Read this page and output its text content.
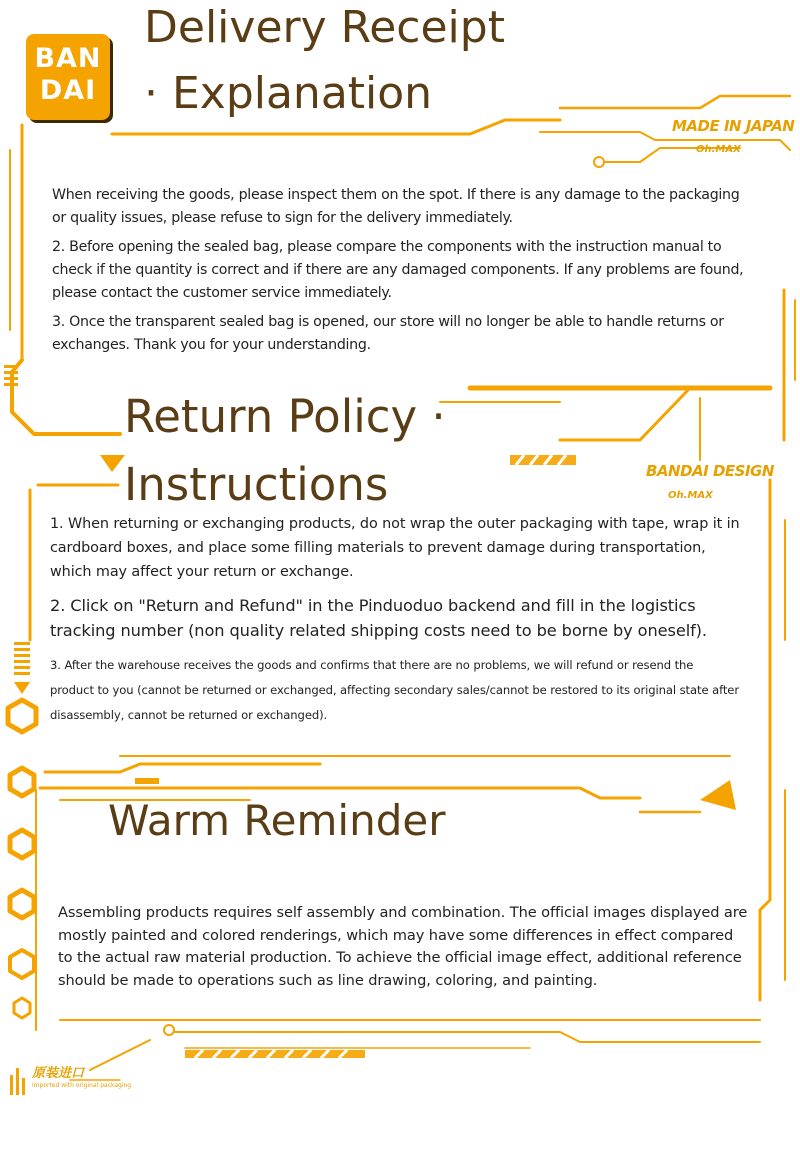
BAN
DAI
Delivery Receipt
· Explanation
MADE IN JAPAN
Oh.MAX

When receiving the goods, please inspect them on the spot. If there is any damage to the packaging or quality issues, please refuse to sign for the delivery immediately.

2. Before opening the sealed bag, please compare the components with the instruction manual to check if the quantity is correct and if there are any damaged components. If any problems are found, please contact the customer service immediately.

3. Once the transparent sealed bag is opened, our store will no longer be able to handle returns or exchanges. Thank you for your understanding.

Return Policy ·
Instructions	BANDAI DESIGN
Oh.MAX

1. When returning or exchanging products, do not wrap the outer packaging with tape, wrap it in cardboard boxes, and place some filling materials to prevent damage during transportation, which may affect your return or exchange.

2. Click on "Return and Refund" in the Pinduoduo backend and fill in the logistics tracking number (non quality related shipping costs need to be borne by oneself).

3. After the warehouse receives the goods and confirms that there are no problems, we will refund or resend the product to you (cannot be returned or exchanged, affecting secondary sales/cannot be restored to its original state after disassembly, cannot be returned or exchanged).

Warm Reminder

Assembling products requires self assembly and combination. The official images displayed are mostly painted and colored renderings, which may have some differences in effect compared to the actual raw material production. To achieve the official image effect, additional reference should be made to operations such as line drawing, coloring, and painting.

原装进口
imported with original packaging
